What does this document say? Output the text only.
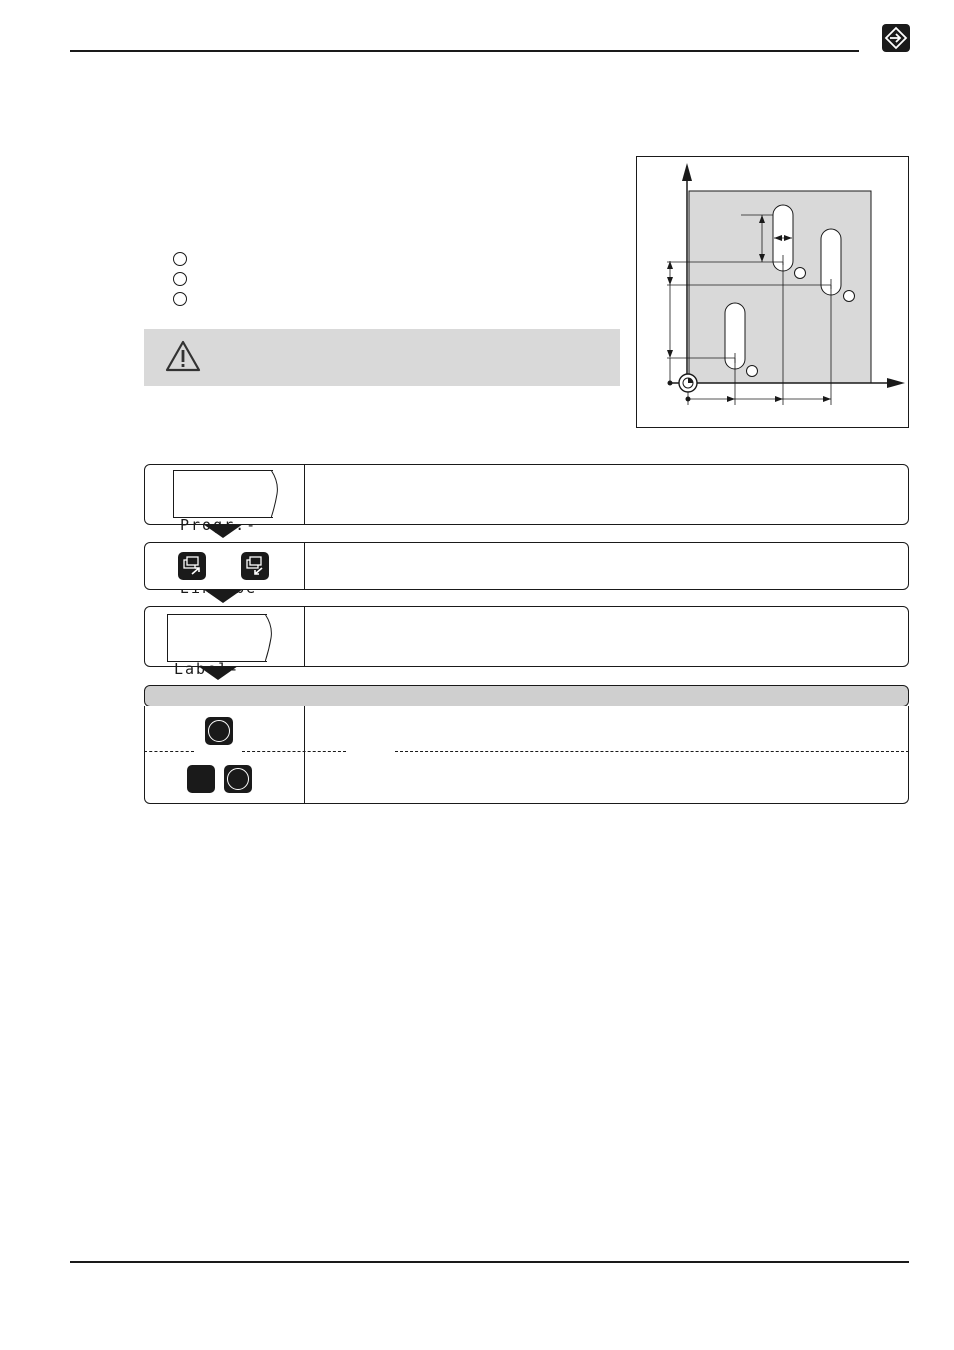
Progr.-

Label-
